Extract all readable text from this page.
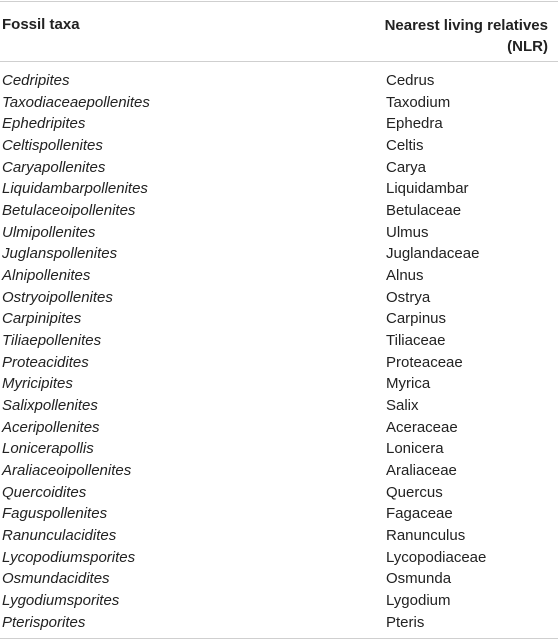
Fossil taxa	Nearest living relatives
(NLR)
Cedripites	Cedrus
Taxodiaceaepollenites	Taxodium
Ephedripites	Ephedra
Celtispollenites	Celtis
Caryapollenites	Carya
Liquidambarpollenites	Liquidambar
Betulaceoipollenites	Betulaceae
Ulmipollenites	Ulmus
Juglanspollenites	Juglandaceae
Alnipollenites	Alnus
Ostryoipollenites	Ostrya
Carpinipites	Carpinus
Tiliaepollenites	Tiliaceae
Proteacidites	Proteaceae
Myricipites	Myrica
Salixpollenites	Salix
Aceripollenites	Aceraceae
Lonicerapollis	Lonicera
Araliaceoipollenites	Araliaceae
Quercoidites	Quercus
Faguspollenites	Fagaceae
Ranunculacidites	Ranunculus
Lycopodiumsporites	Lycopodiaceae
Osmundacidites	Osmunda
Lygodiumsporites	Lygodium
Pterisporites	Pteris
